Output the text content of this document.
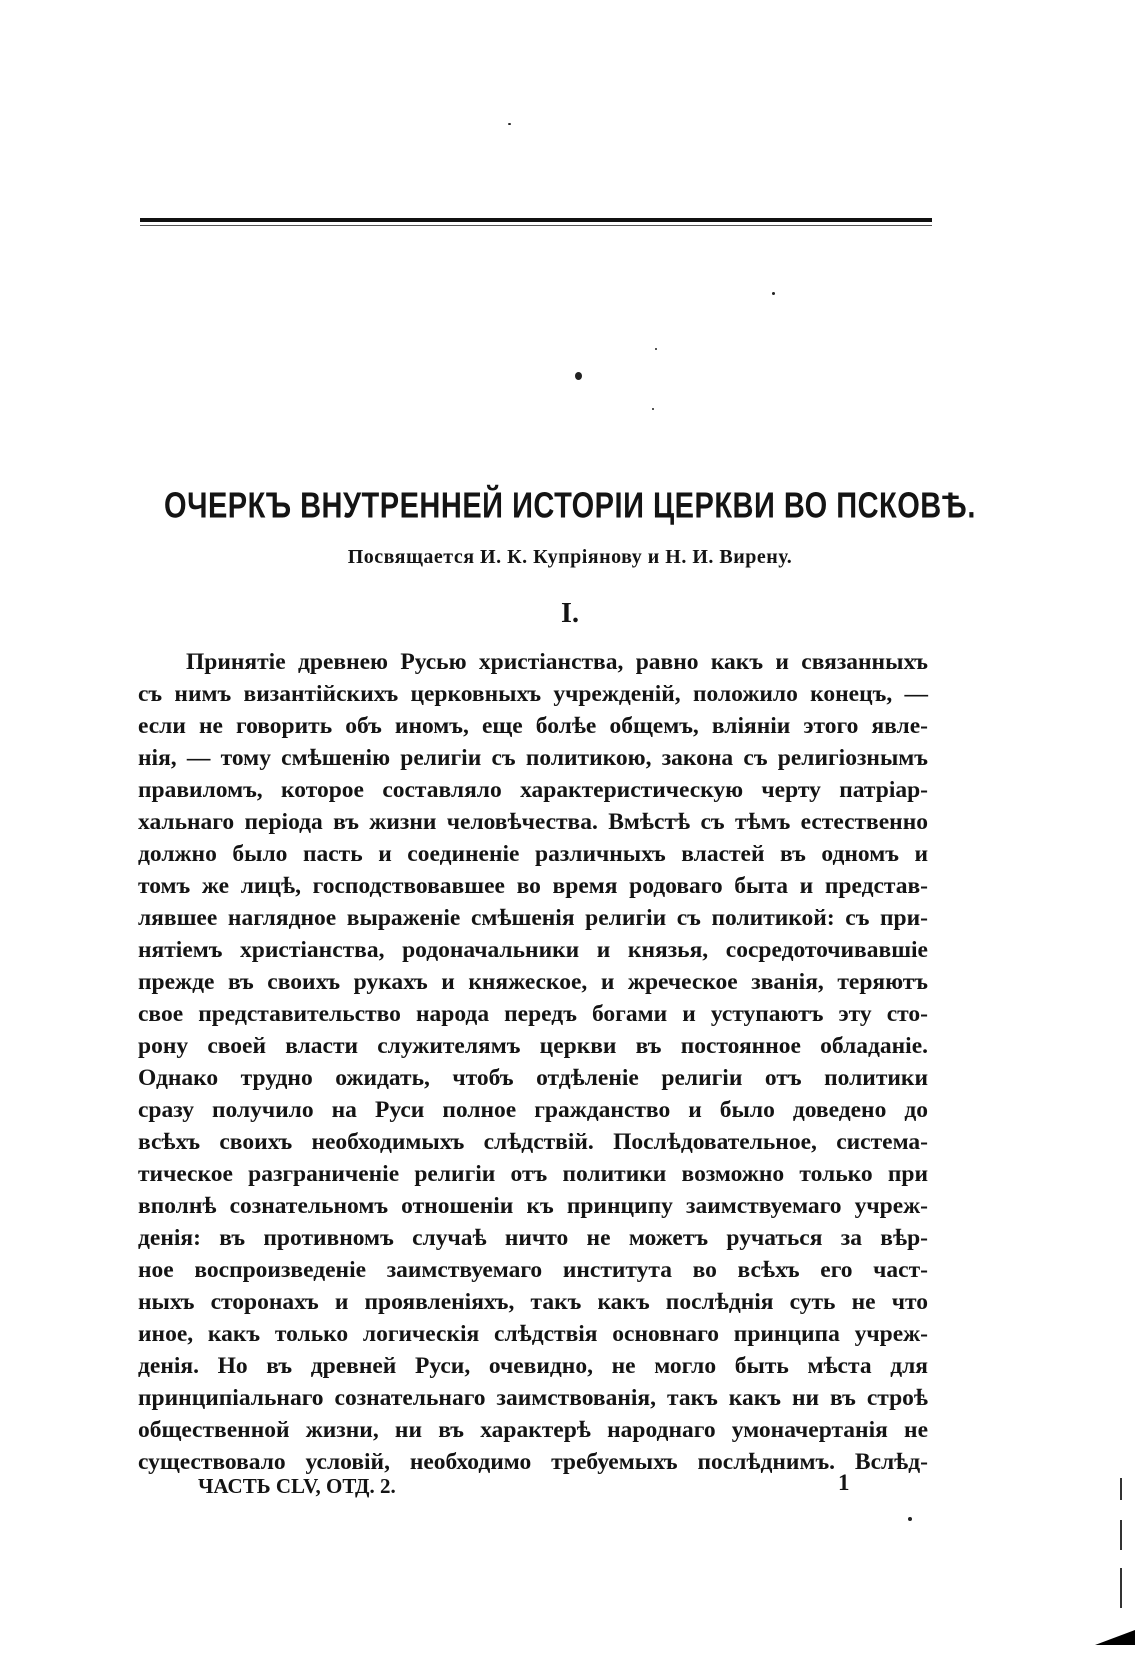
ОЧЕРКЪ ВНУТРЕННЕЙ ИСТОРІИ ЦЕРКВИ ВО ПСКОВѢ.
Посвящается И. К. Купріянову и Н. И. Вирену.
I.
Принятіе древнею Русью христіанства, равно какъ и связанныхъ
съ нимъ византійскихъ церковныхъ учрежденій, положило конецъ, —
если не говорить объ иномъ, еще болѣе общемъ, вліяніи этого явле-
нія, — тому смѣшенію религіи съ политикою, закона съ религіознымъ
правиломъ, которое составляло характеристическую черту патріар-
хальнаго періода въ жизни человѣчества. Вмѣстѣ съ тѣмъ естественно
должно было пасть и соединеніе различныхъ властей въ одномъ и
томъ же лицѣ, господствовавшее во время родоваго быта и представ-
лявшее наглядное выраженіе смѣшенія религіи съ политикой: съ при-
нятіемъ христіанства, родоначальники и князья, сосредоточивавшіе
прежде въ своихъ рукахъ и княжеское, и жреческое званія, теряютъ
свое представительство народа передъ богами и уступаютъ эту сто-
рону своей власти служителямъ церкви въ постоянное обладаніе.
Однако трудно ожидать, чтобъ отдѣленіе религіи отъ политики
сразу получило на Руси полное гражданство и было доведено до
всѣхъ своихъ необходимыхъ слѣдствій. Послѣдовательное, система-
тическое разграниченіе религіи отъ политики возможно только при
вполнѣ сознательномъ отношеніи къ принципу заимствуемаго учреж-
денія: въ противномъ случаѣ ничто не можетъ ручаться за вѣр-
ное воспроизведеніе заимствуемаго института во всѣхъ его част-
ныхъ сторонахъ и проявленіяхъ, такъ какъ послѣднія суть не что
иное, какъ только логическія слѣдствія основнаго принципа учреж-
денія. Но въ древней Руси, очевидно, не могло быть мѣста для
принципіальнаго сознательнаго заимствованія, такъ какъ ни въ строѣ
общественной жизни, ни въ характерѣ народнаго умоначертанія не
существовало условій, необходимо требуемыхъ послѣднимъ. Вслѣд-
ЧАСТЬ CLV, ОТД. 2.	1
